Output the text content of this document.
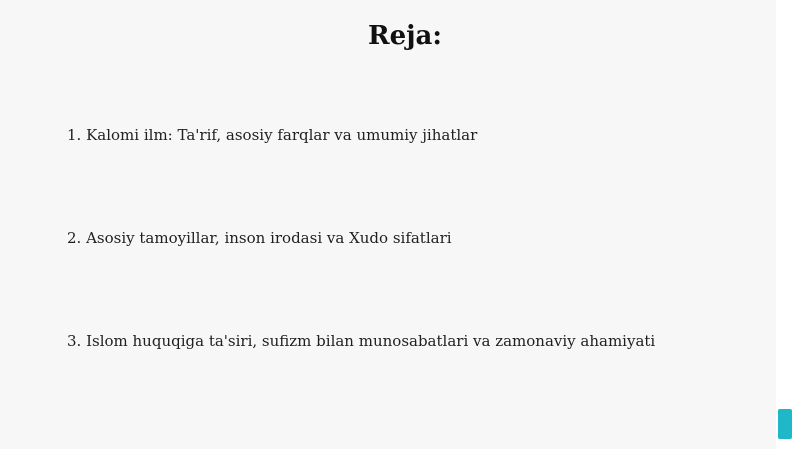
Reja:
1. Kalomi ilm: Ta'rif, asosiy farqlar va umumiy jihatlar
2. Asosiy tamoyillar, inson irodasi va Xudo sifatlari
3. Islom huquqiga ta'siri, sufizm bilan munosabatlari va zamonaviy ahamiyati
